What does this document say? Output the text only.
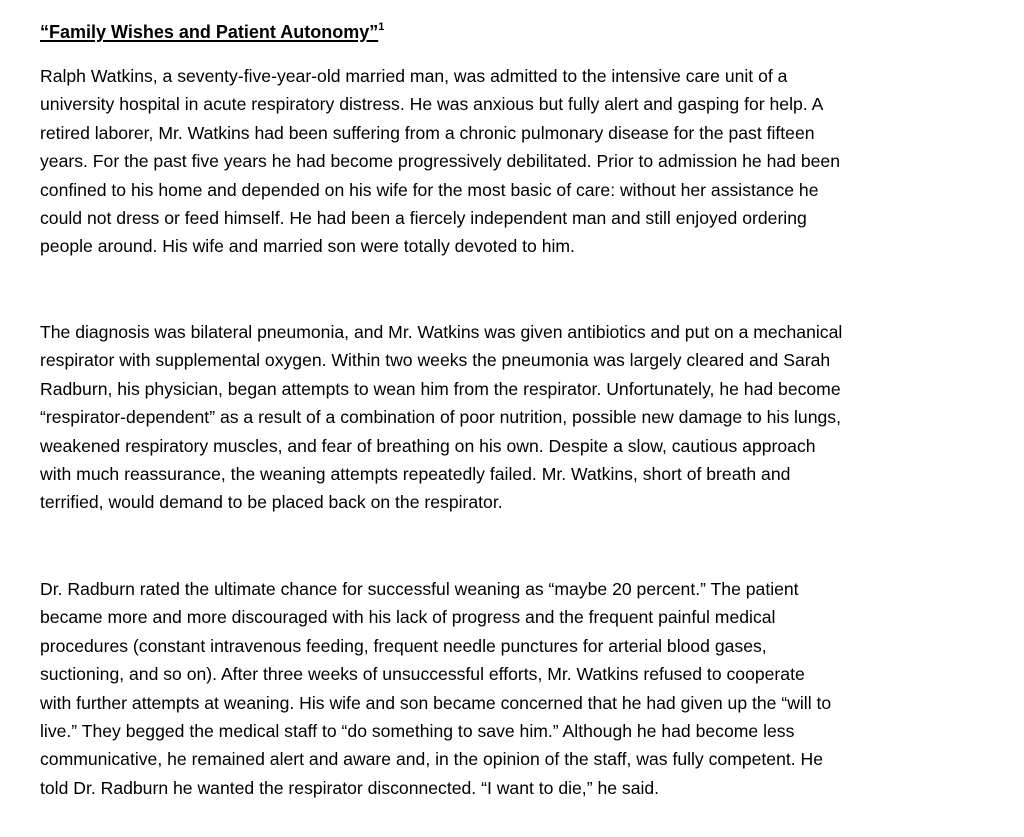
“Family Wishes and Patient Autonomy”$^1$

Ralph Watkins, a seventy-five-year-old married man, was admitted to the intensive care unit of a
university hospital in acute respiratory distress. He was anxious but fully alert and gasping for help. A
retired laborer, Mr. Watkins had been suffering from a chronic pulmonary disease for the past fifteen
years. For the past five years he had become progressively debilitated. Prior to admission he had been
confined to his home and depended on his wife for the most basic of care: without her assistance he
could not dress or feed himself. He had been a fiercely independent man and still enjoyed ordering
people around. His wife and married son were totally devoted to him.

The diagnosis was bilateral pneumonia, and Mr. Watkins was given antibiotics and put on a mechanical
respirator with supplemental oxygen. Within two weeks the pneumonia was largely cleared and Sarah
Radburn, his physician, began attempts to wean him from the respirator. Unfortunately, he had become
“respirator-dependent” as a result of a combination of poor nutrition, possible new damage to his lungs,
weakened respiratory muscles, and fear of breathing on his own. Despite a slow, cautious approach
with much reassurance, the weaning attempts repeatedly failed. Mr. Watkins, short of breath and
terrified, would demand to be placed back on the respirator.

Dr. Radburn rated the ultimate chance for successful weaning as “maybe 20 percent.” The patient
became more and more discouraged with his lack of progress and the frequent painful medical
procedures (constant intravenous feeding, frequent needle punctures for arterial blood gases,
suctioning, and so on). After three weeks of unsuccessful efforts, Mr. Watkins refused to cooperate
with further attempts at weaning. His wife and son became concerned that he had given up the “will to
live.” They begged the medical staff to “do something to save him.” Although he had become less
communicative, he remained alert and aware and, in the opinion of the staff, was fully competent. He
told Dr. Radburn he wanted the respirator disconnected. “I want to die,” he said.
